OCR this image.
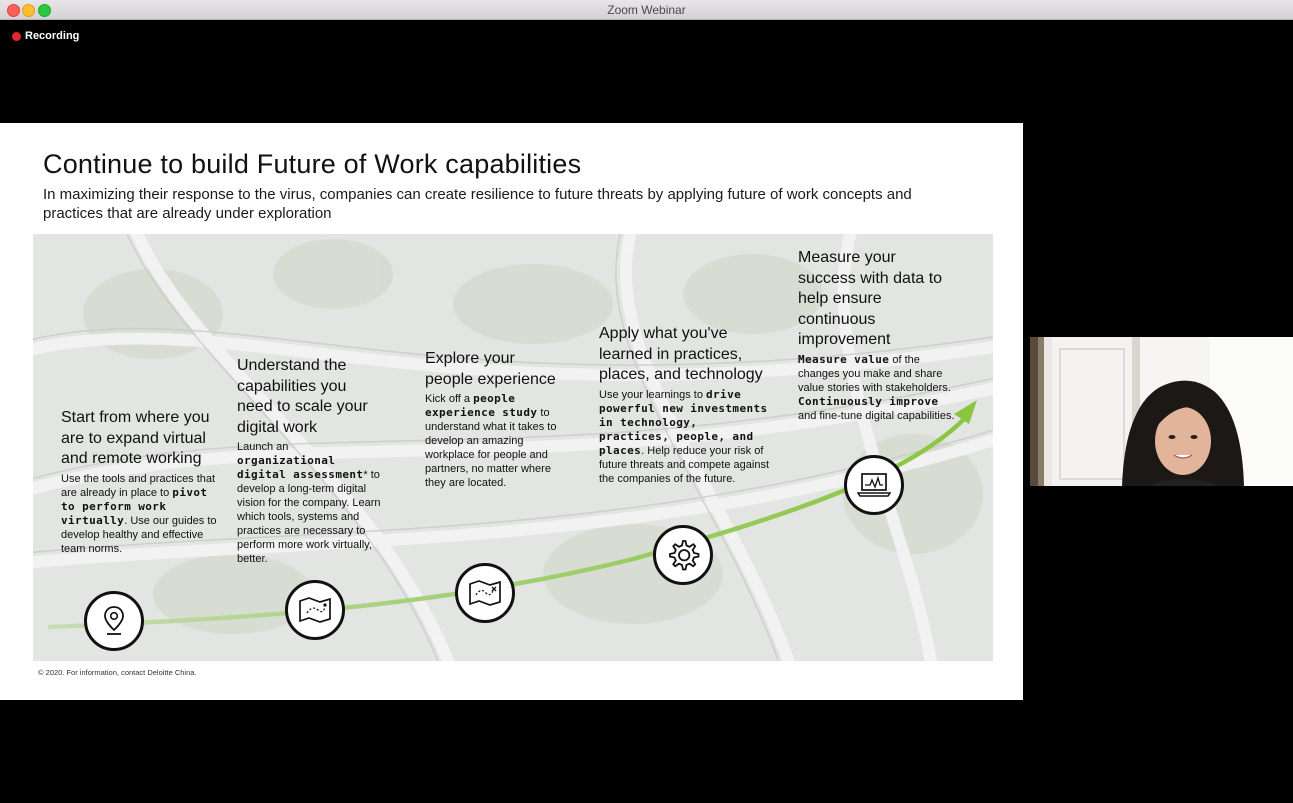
Zoom Webinar
Recording
Continue to build Future of Work capabilities
In maximizing their response to the virus, companies can create resilience to future threats by applying future of work concepts and practices that are already under exploration
Start from where you are to expand virtual and remote working
Use the tools and practices that are already in place to pivot to perform work virtually. Use our guides to develop healthy and effective team norms.
Understand the capabilities you need to scale your digital work
Launch an organizational digital assessment* to develop a long-term digital vision for the company. Learn which tools, systems and practices are necessary to perform more work virtually, better.
Explore your people experience
Kick off a people experience study to understand what it takes to develop an amazing workplace for people and partners, no matter where they are located.
Apply what you've learned in practices, places, and technology
Use your learnings to drive powerful new investments in technology, practices, people, and places. Help reduce your risk of future threats and compete against the companies of the future.
Measure your success with data to help ensure continuous improvement
Measure value of the changes you make and share value stories with stakeholders.
Continuously improve and fine-tune digital capabilities.
© 2020. For information, contact Deloitte China.
